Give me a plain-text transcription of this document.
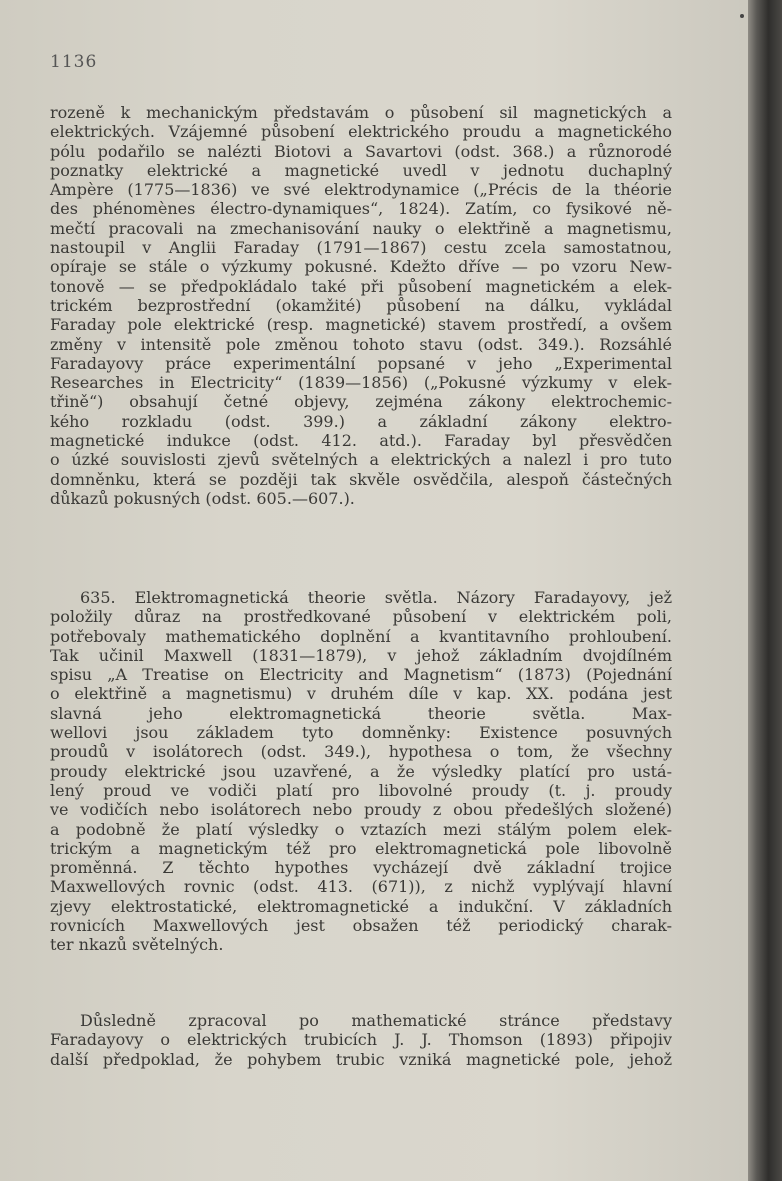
1136
rozeně k mechanickým představám o působení sil magnetických a
elektrických. Vzájemné působení elektrického proudu a magnetického
pólu podařilo se nalézti Biotovi a Savartovi (odst. 368.) a různorodé
poznatky elektrické a magnetické uvedl v jednotu duchaplný
Ampère (1775—1836) ve své elektrodynamice („Précis de la théorie
des phénomènes électro-dynamiques“, 1824). Zatím, co fysikové ně-
mečtí pracovali na zmechanisování nauky o elektřině a magnetismu,
nastoupil v Anglii Faraday (1791—1867) cestu zcela samostatnou,
opíraje se stále o výzkumy pokusné. Kdežto dříve — po vzoru New-
tonově — se předpokládalo také při působení magnetickém a elek-
trickém bezprostřední (okamžité) působení na dálku, vykládal
Faraday pole elektrické (resp. magnetické) stavem prostředí, a ovšem
změny v intensitě pole změnou tohoto stavu (odst. 349.). Rozsáhlé
Faradayovy práce experimentální popsané v jeho „Experimental
Researches in Electricity“ (1839—1856) („Pokusné výzkumy v elek-
třině“) obsahují četné objevy, zejména zákony elektrochemic-
kého rozkladu (odst. 399.) a základní zákony elektro-
magnetické indukce (odst. 412. atd.). Faraday byl přesvědčen
o úzké souvislosti zjevů světelných a elektrických a nalezl i pro tuto
domněnku, která se později tak skvěle osvědčila, alespoň částečných
důkazů pokusných (odst. 605.—607.).
635. Elektromagnetická theorie světla. Názory Faradayovy, jež
položily důraz na prostředkované působení v elektrickém poli,
potřebovaly mathematického doplnění a kvantitavního prohloubení.
Tak učinil Maxwell (1831—1879), v jehož základním dvojdílném
spisu „A Treatise on Electricity and Magnetism“ (1873) (Pojednání
o elektřině a magnetismu) v druhém díle v kap. XX. podána jest
slavná jeho elektromagnetická theorie světla. Max-
wellovi jsou základem tyto domněnky: Existence posuvných
proudů v isolátorech (odst. 349.), hypothesa o tom, že všechny
proudy elektrické jsou uzavřené, a že výsledky platící pro ustá-
lený proud ve vodiči platí pro libovolné proudy (t. j. proudy
ve vodičích nebo isolátorech nebo proudy z obou předešlých složené)
a podobně že platí výsledky o vztazích mezi stálým polem elek-
trickým a magnetickým též pro elektromagnetická pole libovolně
proměnná. Z těchto hypothes vycházejí dvě základní trojice
Maxwellových rovnic (odst. 413. (671)), z nichž vyplývají hlavní
zjevy elektrostatické, elektromagnetické a indukční. V základních
rovnicích Maxwellových jest obsažen též periodický charak-
ter nkazů světelných.
Důsledně zpracoval po mathematické stránce představy
Faradayovy o elektrických trubicích J. J. Thomson (1893) připojiv
další předpoklad, že pohybem trubic vzniká magnetické pole, jehož
